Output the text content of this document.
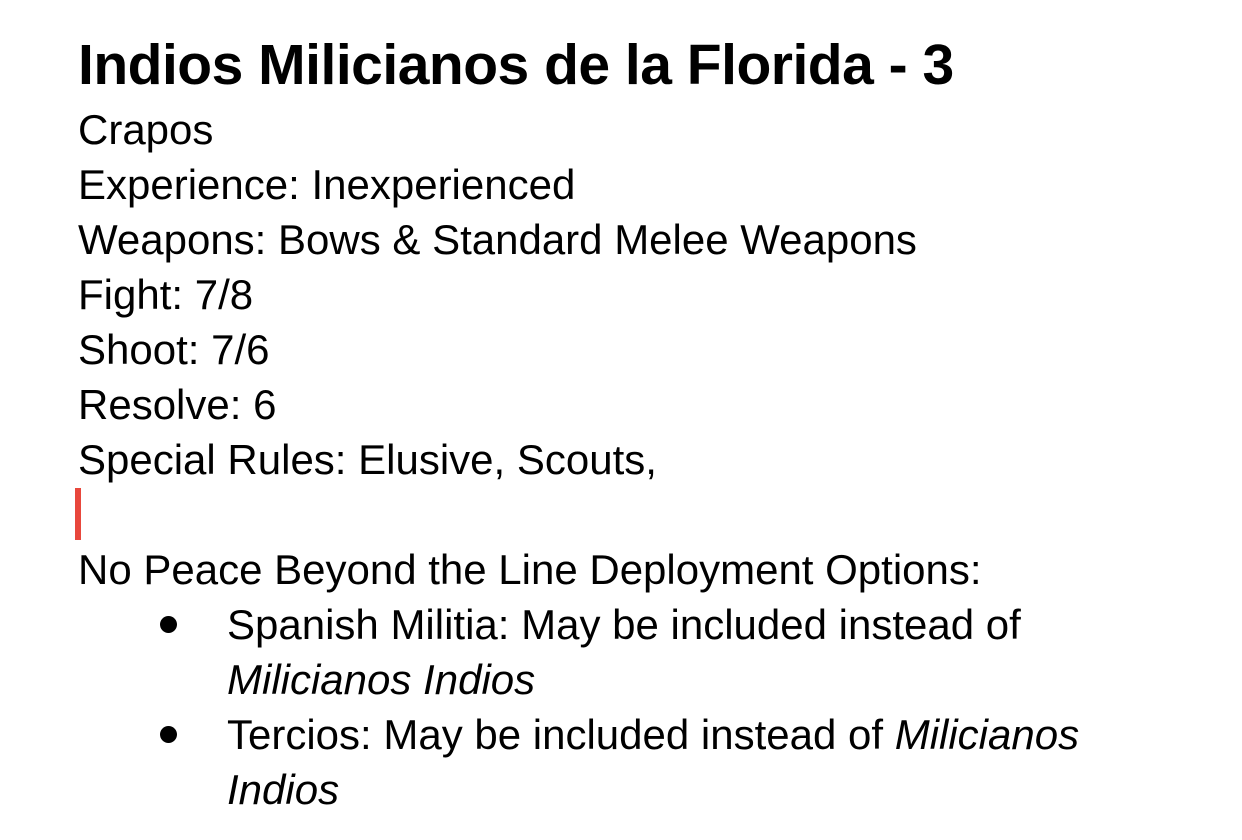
Indios Milicianos de la Florida - 3
Crapos
Experience: Inexperienced
Weapons: Bows & Standard Melee Weapons
Fight: 7/8
Shoot: 7/6
Resolve: 6
Special Rules: Elusive, Scouts,
No Peace Beyond the Line Deployment Options:
Spanish Militia: May be included instead of Milicianos Indios
Tercios: May be included instead of Milicianos Indios
